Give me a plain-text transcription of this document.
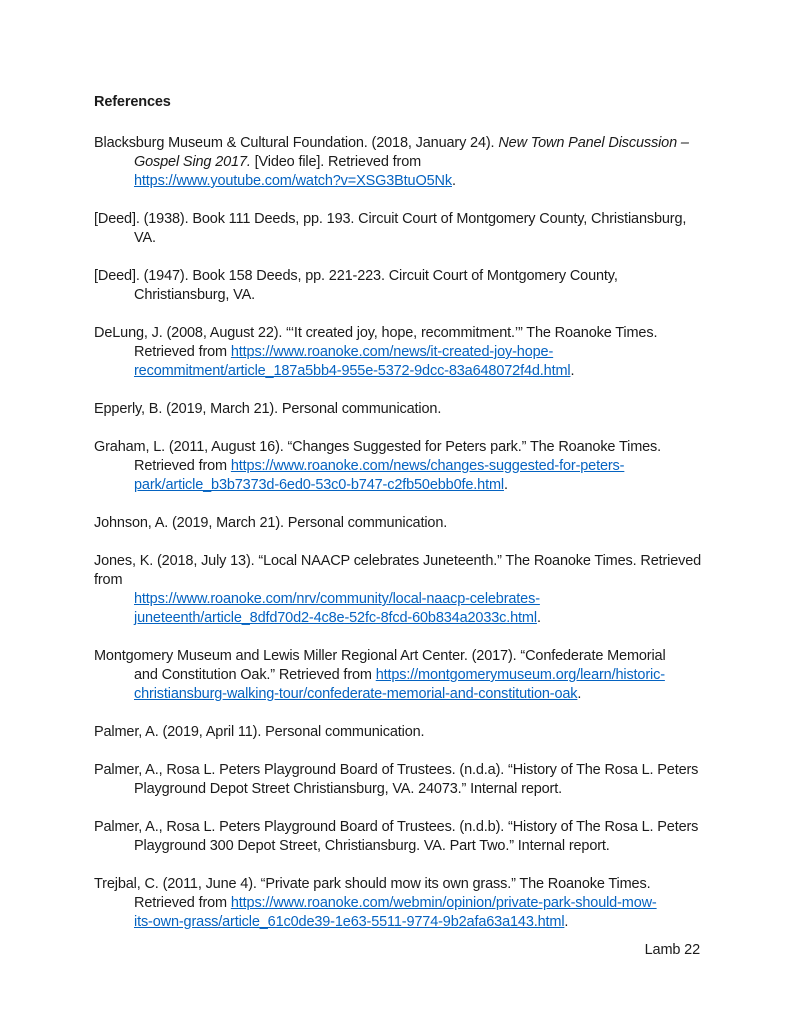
References
Blacksburg Museum & Cultural Foundation. (2018, January 24). New Town Panel Discussion –
Gospel Sing 2017. [Video file]. Retrieved from
https://www.youtube.com/watch?v=XSG3BtuO5Nk.
[Deed]. (1938). Book 111 Deeds, pp. 193. Circuit Court of Montgomery County, Christiansburg,
VA.
[Deed]. (1947). Book 158 Deeds, pp. 221-223. Circuit Court of Montgomery County,
Christiansburg, VA.
DeLung, J. (2008, August 22). “‘It created joy, hope, recommitment.’” The Roanoke Times.
Retrieved from https://www.roanoke.com/news/it-created-joy-hope-
recommitment/article_187a5bb4-955e-5372-9dcc-83a648072f4d.html.
Epperly, B. (2019, March 21). Personal communication.
Graham, L. (2011, August 16). “Changes Suggested for Peters park.” The Roanoke Times.
Retrieved from https://www.roanoke.com/news/changes-suggested-for-peters-
park/article_b3b7373d-6ed0-53c0-b747-c2fb50ebb0fe.html.
Johnson, A. (2019, March 21). Personal communication.
Jones, K. (2018, July 13). “Local NAACP celebrates Juneteenth.” The Roanoke Times. Retrieved
from
https://www.roanoke.com/nrv/community/local-naacp-celebrates-
juneteenth/article_8dfd70d2-4c8e-52fc-8fcd-60b834a2033c.html.
Montgomery Museum and Lewis Miller Regional Art Center. (2017). “Confederate Memorial
and Constitution Oak.” Retrieved from https://montgomerymuseum.org/learn/historic-
christiansburg-walking-tour/confederate-memorial-and-constitution-oak.
Palmer, A. (2019, April 11). Personal communication.
Palmer, A., Rosa L. Peters Playground Board of Trustees. (n.d.a). “History of The Rosa L. Peters
Playground Depot Street Christiansburg, VA. 24073.” Internal report.
Palmer, A., Rosa L. Peters Playground Board of Trustees. (n.d.b). “History of The Rosa L. Peters
Playground 300 Depot Street, Christiansburg. VA. Part Two.” Internal report.
Trejbal, C. (2011, June 4). “Private park should mow its own grass.” The Roanoke Times.
Retrieved from https://www.roanoke.com/webmin/opinion/private-park-should-mow-
its-own-grass/article_61c0de39-1e63-5511-9774-9b2afa63a143.html.
Lamb 22
